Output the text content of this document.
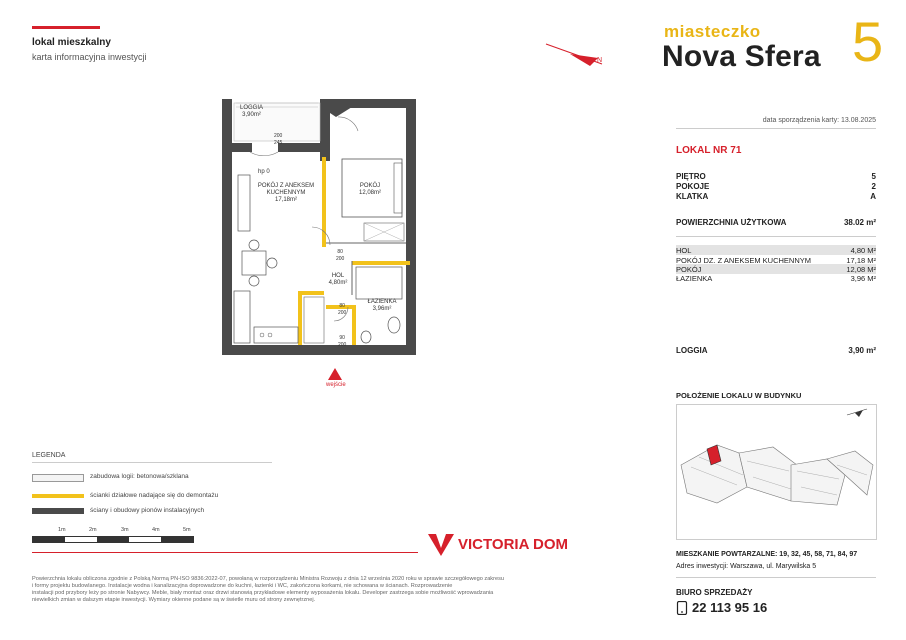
lokal mieszkalny
karta informacyjna inwestycji	N
miasteczko
Nova Sfera 5
data sporządzenia karty: 13.08.2025
LOKAL NR 71
PIĘTRO	5
POKOJE	2
KLATKA	A
POWIERZCHNIA UŻYTKOWA	38.02 m²
HOL	4,80 M²
POKÓJ DZ. Z ANEKSEM KUCHENNYM	17,18 M²
POKÓJ	12,08 M²
ŁAZIENKA	3,96 M²
LOGGIA	3,90 m²
POŁOŻENIE LOKALU W BUDYNKU
MIESZKANIE POWTARZALNE: 19, 32, 45, 58, 71, 84, 97
Adres inwestycji: Warszawa, ul. Marywilska 5
BIURO SPRZEDAŻY
22 113 95 16
LOGGIA
3,90m²
hp 0
POKÓJ Z ANEKSEM
KUCHENNYM
17,18m²
POKÓJ
12,08m²
HOL
4,80m²
ŁAZIENKA
3,96m²
80
200
80
200
200
245
90
200
wejście
LEGENDA
zabudowa logii: betonowa/szklana
ścianki działowe nadające się do demontażu
ściany i obudowy pionów instalacyjnych
1m	2m	3m	4m	5m
VICTORIA DOM
Powierzchnia lokalu obliczona zgodnie z Polską Normą PN-ISO 9836:2022-07, powołaną w rozporządzeniu Ministra Rozwoju z dnia 12 września 2020 roku w sprawie szczegółowego zakresu
i formy projektu budowlanego. Instalacje wodna i kanalizacyjna doprowadzone do kuchni, łazienki i WC, zakończona korkami, nie schowana w ścianach. Rozprowadzenie
instalacji pod przybory leży po stronie Nabywcy. Meble, biały montaż oraz drzwi stanowią przykładowe elementy wyposażenia lokalu. Developer zastrzega sobie możliwość wprowadzania
niewielkich zmian w dalszym etapie inwestycji. Wymiary okienne podane są w świetle muru od strony zewnętrznej.
